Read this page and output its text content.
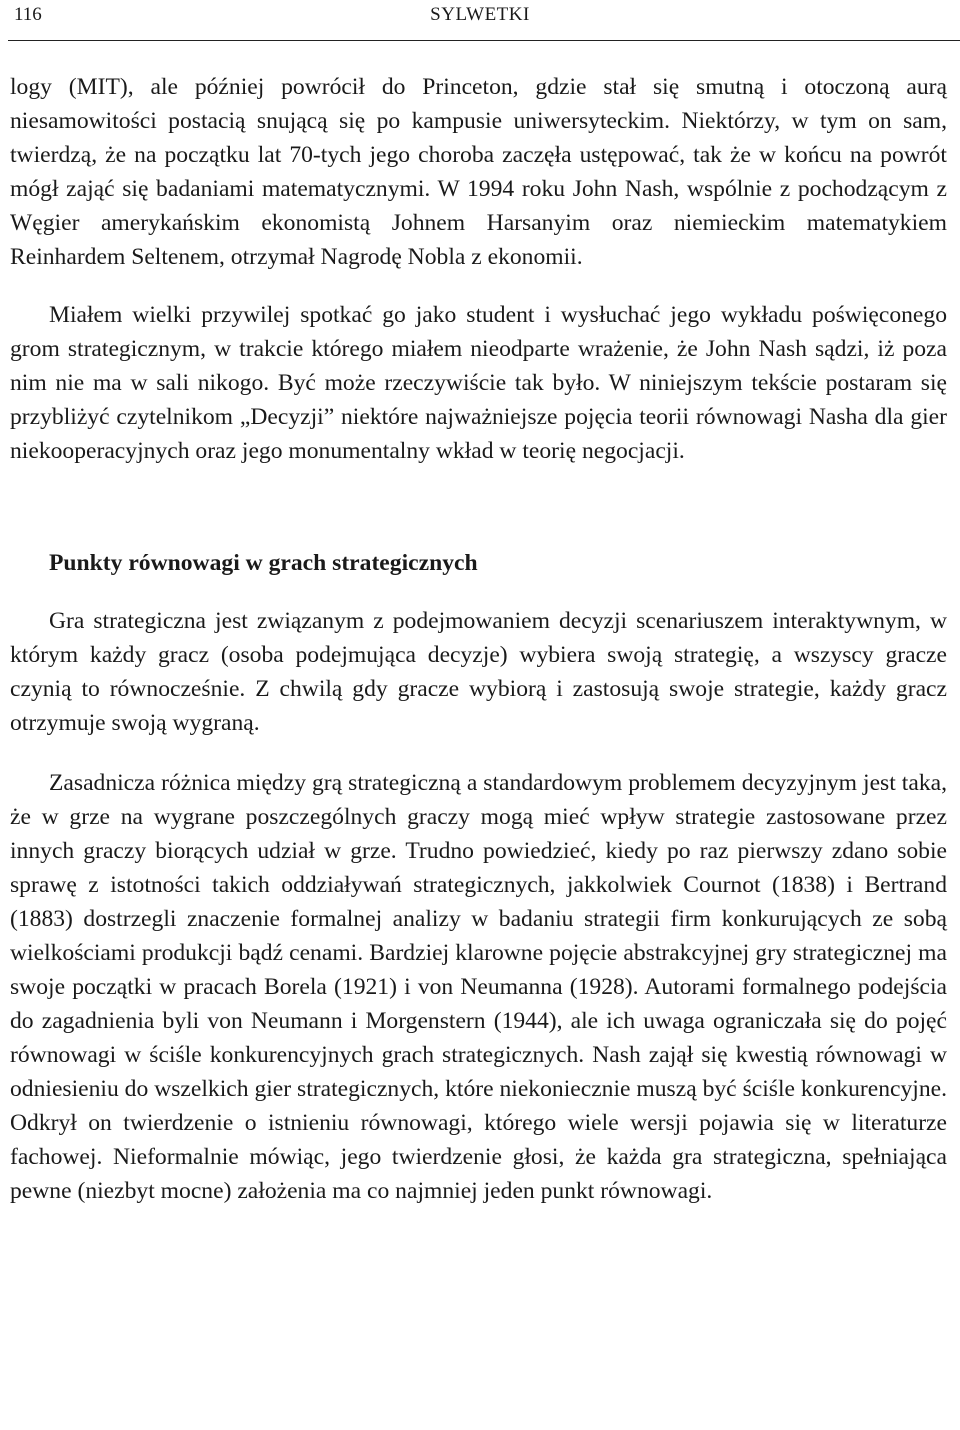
116	SYLWETKI

logy (MIT), ale później powrócił do Princeton, gdzie stał się smutną i otoczoną aurą niesamowitości postacią snującą się po kampusie uniwersyteckim. Niektórzy, w tym on sam, twierdzą, że na początku lat 70-tych jego choroba zaczęła ustępować, tak że w końcu na powrót mógł zająć się badaniami matematycznymi. W 1994 roku John Nash, wspólnie z pochodzącym z Węgier amerykańskim ekonomistą Johnem Harsanyim oraz niemieckim matematykiem Reinhardem Seltenem, otrzymał Nagrodę Nobla z ekonomii.

Miałem wielki przywilej spotkać go jako student i wysłuchać jego wykładu poświęconego grom strategicznym, w trakcie którego miałem nieodparte wrażenie, że John Nash sądzi, iż poza nim nie ma w sali nikogo. Być może rzeczywiście tak było. W niniejszym tekście postaram się przybliżyć czytelnikom „Decyzji” niektóre najważniejsze pojęcia teorii równowagi Nasha dla gier niekooperacyjnych oraz jego monumentalny wkład w teorię negocjacji.

Punkty równowagi w grach strategicznych

Gra strategiczna jest związanym z podejmowaniem decyzji scenariuszem interaktywnym, w którym każdy gracz (osoba podejmująca decyzje) wybiera swoją strategię, a wszyscy gracze czynią to równocześnie. Z chwilą gdy gracze wybiorą i zastosują swoje strategie, każdy gracz otrzymuje swoją wygraną.

Zasadnicza różnica między grą strategiczną a standardowym problemem decyzyjnym jest taka, że w grze na wygrane poszczególnych graczy mogą mieć wpływ strategie zastosowane przez innych graczy biorących udział w grze. Trudno powiedzieć, kiedy po raz pierwszy zdano sobie sprawę z istotności takich oddziaływań strategicznych, jakkolwiek Cournot (1838) i Bertrand (1883) dostrzegli znaczenie formalnej analizy w badaniu strategii firm konkurujących ze sobą wielkościami produkcji bądź cenami. Bardziej klarowne pojęcie abstrakcyjnej gry strategicznej ma swoje początki w pracach Borela (1921) i von Neumanna (1928). Autorami formalnego podejścia do zagadnienia byli von Neumann i Morgenstern (1944), ale ich uwaga ograniczała się do pojęć równowagi w ściśle konkurencyjnych grach strategicznych. Nash zajął się kwestią równowagi w odniesieniu do wszelkich gier strategicznych, które niekoniecznie muszą być ściśle konkurencyjne. Odkrył on twierdzenie o istnieniu równowagi, którego wiele wersji pojawia się w literaturze fachowej. Nieformalnie mówiąc, jego twierdzenie głosi, że każda gra strategiczna, spełniająca pewne (niezbyt mocne) założenia ma co najmniej jeden punkt równowagi.
